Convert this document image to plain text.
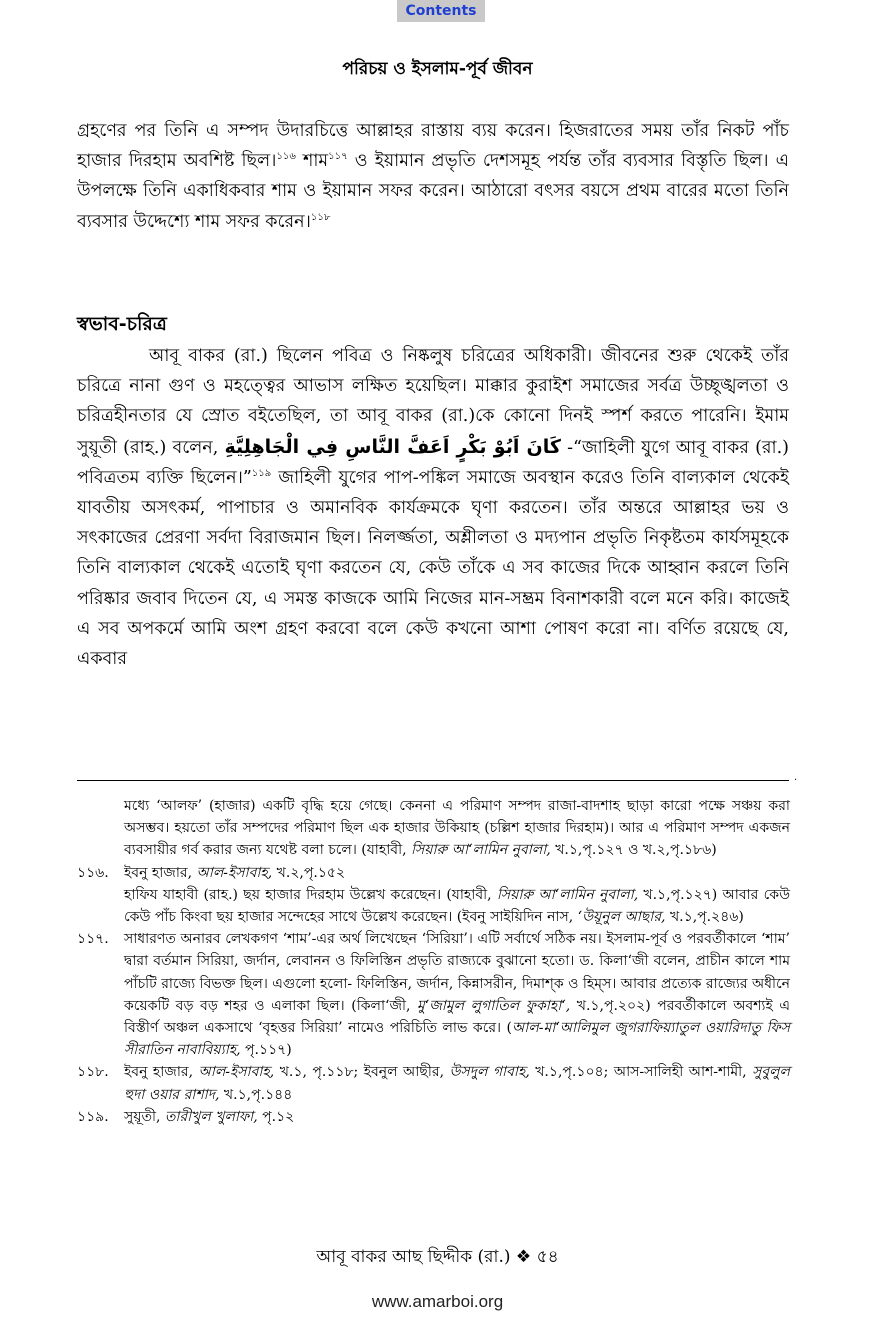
Contents
পরিচয় ও ইসলাম-পূর্ব জীবন
গ্রহণের পর তিনি এ সম্পদ উদারচিত্তে আল্লাহর রাস্তায় ব্যয় করেন। হিজরাতের সময় তাঁর নিকট পাঁচ হাজার দিরহাম অবশিষ্ট ছিল।$^{১১৬}$ শাম$^{১১৭}$ ও ইয়ামান প্রভৃতি দেশসমূহ পর্যন্ত তাঁর ব্যবসার বিস্তৃতি ছিল। এ উপলক্ষে তিনি একাধিকবার শাম ও ইয়ামান সফর করেন। আঠারো বৎসর বয়সে প্রথম বারের মতো তিনি ব্যবসার উদ্দেশ্যে শাম সফর করেন।$^{১১৮}$
স্বভাব-চরিত্র
আবূ বাকর (রা.) ছিলেন পবিত্র ও নিষ্কলুষ চরিত্রের অধিকারী। জীবনের শুরু থেকেই তাঁর চরিত্রে নানা গুণ ও মহত্ত্বের আভাস লক্ষিত হয়েছিল। মাক্কার কুরাইশ সমাজের সর্বত্র উচ্ছৃঙ্খলতা ও চরিত্রহীনতার যে স্রোত বইতেছিল, তা আবূ বাকর (রা.)কে কোনো দিনই স্পর্শ করতে পারেনি। ইমাম সুয়ূতী (রাহ.) বলেন, كَانَ اَبُوْ بَكْرٍ اَعَفَّ النَّاسِ فِي الْجَاهِلِيَّةِ -“জাহিলী যুগে আবূ বাকর (রা.) পবিত্রতম ব্যক্তি ছিলেন।”$^{১১৯}$ জাহিলী যুগের পাপ-পঙ্কিল সমাজে অবস্থান করেও তিনি বাল্যকাল থেকেই যাবতীয় অসৎকর্ম, পাপাচার ও অমানবিক কার্যক্রমকে ঘৃণা করতেন। তাঁর অন্তরে আল্লাহর ভয় ও সৎকাজের প্রেরণা সর্বদা বিরাজমান ছিল। নিলর্জ্জতা, অশ্লীলতা ও মদ্যপান প্রভৃতি নিকৃষ্টতম কার্যসমূহকে তিনি বাল্যকাল থেকেই এতোই ঘৃণা করতেন যে, কেউ তাঁকে এ সব কাজের দিকে আহ্বান করলে তিনি পরিষ্কার জবাব দিতেন যে, এ সমস্ত কাজকে আমি নিজের মান-সম্ভ্রম বিনাশকারী বলে মনে করি। কাজেই এ সব অপকর্মে আমি অংশ গ্রহণ করবো বলে কেউ কখনো আশা পোষণ করো না। বর্ণিত রয়েছে যে, একবার
·
মধ্যে ‘আলফ’ (হাজার) একটি বৃদ্ধি হয়ে গেছে। কেননা এ পরিমাণ সম্পদ রাজা-বাদশাহ ছাড়া কারো পক্ষে সঞ্চয় করা অসম্ভব। হয়তো তাঁর সম্পদের পরিমাণ ছিল এক হাজার উকিয়াহ (চল্লিশ হাজার দিরহাম)। আর এ পরিমাণ সম্পদ একজন ব্যবসায়ীর গর্ব করার জন্য যথেষ্ট বলা চলে। (যাহাবী, সিয়ারু আ‘লামিন নুবালা, খ.১,পৃ.১২৭ ও খ.২,পৃ.১৮৬)
১১৬.	ইবনু হাজার, আল-ইসাবাহ, খ.২,পৃ.১৫২

হাফিয যাহাবী (রাহ.) ছয় হাজার দিরহাম উল্লেখ করেছেন। (যাহাবী, সিয়ারু আ‘লামিন নুবালা, খ.১,পৃ.১২৭) আবার কেউ কেউ পাঁচ কিংবা ছয় হাজার সন্দেহের সাথে উল্লেখ করেছেন। (ইবনু সাইয়িদিন নাস, ‘উয়ূনুল আছার, খ.১,পৃ.২৪৬)

১১৭.	সাধারণত অনারব লেখকগণ ‘শাম’-এর অর্থ লিখেছেন ‘সিরিয়া’। এটি সর্বার্থে সঠিক নয়। ইসলাম-পূর্ব ও পরবর্তীকালে ‘শাম’ দ্বারা বর্তমান সিরিয়া, জর্দান, লেবানন ও ফিলিস্তিন প্রভৃতি রাজ্যকে বুঝানো হতো। ড. কিলা‘জী বলেন, প্রাচীন কালে শাম পাঁচটি রাজ্যে বিভক্ত ছিল। এগুলো হলো- ফিলিস্তিন, জর্দান, কিন্নাসরীন, দিমাশ্‌ক ও হিম্‌স। আবার প্রত্যেক রাজ্যের অধীনে কয়েকটি বড় বড় শহর ও এলাকা ছিল। (কিলা‘জী, মু‘জামুল লুগাতিল ফুকাহা‘, খ.১,পৃ.২০২) পরবর্তীকালে অবশ্যই এ বিস্তীর্ণ অঞ্চল একসাথে ‘বৃহত্তর সিরিয়া’ নামেও পরিচিতি লাভ করে। (আল-মা‘আলিমুল জুগরাফিয়্যাতুল ওয়ারিদাতু ফিস সীরাতিন নাবাবিয়্যাহ, পৃ.১১৭)
১১৮.	ইবনু হাজার, আল-ইসাবাহ, খ.১, পৃ.১১৮; ইবনুল আছীর, উসদুল গাবাহ, খ.১,পৃ.১০৪; আস-সালিহী আশ-শামী, সুবুলুল হুদা ওয়ার রাশাদ, খ.১,পৃ.১৪৪
১১৯.	সুয়ূতী, তারীখুল খুলাফা, পৃ.১২
আবূ বাকর আছ ছিদ্দীক (রা.) ❖ ৫৪
www.amarboi.org
